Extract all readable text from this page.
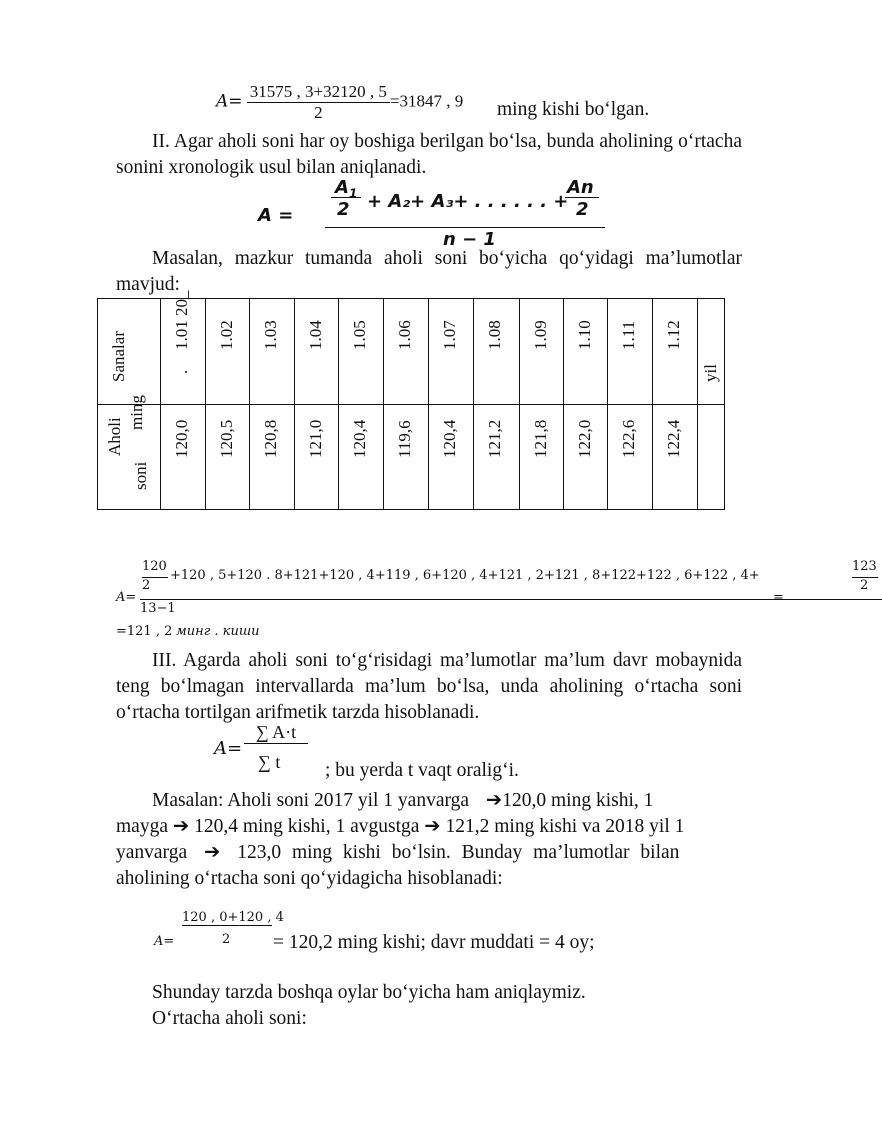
$A= \frac{31575 , 3+32120 , 5}{2} =31847$ , 9 ming kishi bo‘lgan.
II. Agar aholi soni har oy boshiga berilgan bo‘lsa, bunda aholining o‘rtacha sonini xronologik usul bilan aniqlanadi.
A =
$A_1$
2 + A₂+ A₃+ . . . . . . +
An
2
n − 1
Masalan, mazkur tumanda aholi soni bo‘yicha qo‘yidagi ma’lumotlar mavjud:
Sanalar
1.01 20_
.
1.02 1.03 1.04 1.05 1.06 1.07 1.08 1.09 1.10 1.11 1.12
yil
Aholi
ming
soni
120,0 120,5 120,8 121,0 120,4 119,6 120,4 121,2 121,8 122,0 122,6 122,4
A=
120
2
+120 , 5+120 . 8+121+120 , 4+119 , 6+120 , 4+121 , 2+121 , 8+122+122 , 6+122 , 4+
123
2
13−1
=
=121 , 2 минг . киши
III. Agarda aholi soni to‘g‘risidagi ma’lumotlar ma’lum davr mobaynida teng bo‘lmagan intervallarda ma’lum bo‘lsa, unda aholining o‘rtacha soni o‘rtacha tortilgan arifmetik tarzda hisoblanadi.
A=
∑ A·t
∑ t ; bu yerda t vaqt oralig‘i.
Masalan: Aholi soni 2017 yil 1 yanvarga ➔120,0 ming kishi, 1
mayga ➔ 120,4 ming kishi, 1 avgustga ➔ 121,2 ming kishi va 2018 yil 1
yanvarga ➔ 123,0 ming kishi bo‘lsin. Bunday ma’lumotlar bilan
aholining o‘rtacha soni qo‘yidagicha hisoblanadi:
A=
120 , 0+120 , 4
2 = 120,2 ming kishi; davr muddati = 4 oy;
Shunday tarzda boshqa oylar bo‘yicha ham aniqlaymiz.
O‘rtacha aholi soni:
